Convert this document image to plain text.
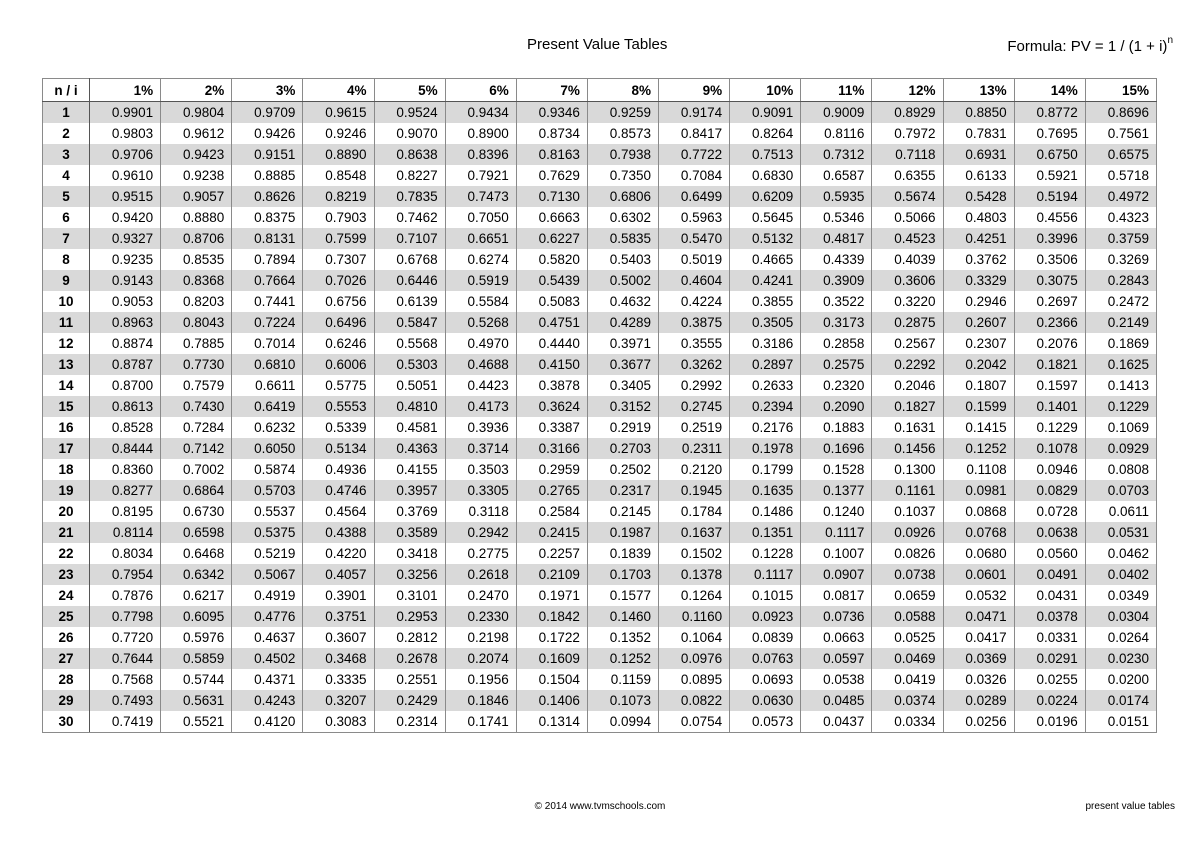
Present Value Tables	Formula: PV = $1 / (1 + i)^n$
n / i	1%	2%	3%	4%	5%	6%	7%	8%	9%	10%	11%	12%	13%	14%	15%
1	0.9901	0.9804	0.9709	0.9615	0.9524	0.9434	0.9346	0.9259	0.9174	0.9091	0.9009	0.8929	0.8850	0.8772	0.8696
2	0.9803	0.9612	0.9426	0.9246	0.9070	0.8900	0.8734	0.8573	0.8417	0.8264	0.8116	0.7972	0.7831	0.7695	0.7561
3	0.9706	0.9423	0.9151	0.8890	0.8638	0.8396	0.8163	0.7938	0.7722	0.7513	0.7312	0.7118	0.6931	0.6750	0.6575
4	0.9610	0.9238	0.8885	0.8548	0.8227	0.7921	0.7629	0.7350	0.7084	0.6830	0.6587	0.6355	0.6133	0.5921	0.5718
5	0.9515	0.9057	0.8626	0.8219	0.7835	0.7473	0.7130	0.6806	0.6499	0.6209	0.5935	0.5674	0.5428	0.5194	0.4972
6	0.9420	0.8880	0.8375	0.7903	0.7462	0.7050	0.6663	0.6302	0.5963	0.5645	0.5346	0.5066	0.4803	0.4556	0.4323
7	0.9327	0.8706	0.8131	0.7599	0.7107	0.6651	0.6227	0.5835	0.5470	0.5132	0.4817	0.4523	0.4251	0.3996	0.3759
8	0.9235	0.8535	0.7894	0.7307	0.6768	0.6274	0.5820	0.5403	0.5019	0.4665	0.4339	0.4039	0.3762	0.3506	0.3269
9	0.9143	0.8368	0.7664	0.7026	0.6446	0.5919	0.5439	0.5002	0.4604	0.4241	0.3909	0.3606	0.3329	0.3075	0.2843
10	0.9053	0.8203	0.7441	0.6756	0.6139	0.5584	0.5083	0.4632	0.4224	0.3855	0.3522	0.3220	0.2946	0.2697	0.2472
11	0.8963	0.8043	0.7224	0.6496	0.5847	0.5268	0.4751	0.4289	0.3875	0.3505	0.3173	0.2875	0.2607	0.2366	0.2149
12	0.8874	0.7885	0.7014	0.6246	0.5568	0.4970	0.4440	0.3971	0.3555	0.3186	0.2858	0.2567	0.2307	0.2076	0.1869
13	0.8787	0.7730	0.6810	0.6006	0.5303	0.4688	0.4150	0.3677	0.3262	0.2897	0.2575	0.2292	0.2042	0.1821	0.1625
14	0.8700	0.7579	0.6611	0.5775	0.5051	0.4423	0.3878	0.3405	0.2992	0.2633	0.2320	0.2046	0.1807	0.1597	0.1413
15	0.8613	0.7430	0.6419	0.5553	0.4810	0.4173	0.3624	0.3152	0.2745	0.2394	0.2090	0.1827	0.1599	0.1401	0.1229
16	0.8528	0.7284	0.6232	0.5339	0.4581	0.3936	0.3387	0.2919	0.2519	0.2176	0.1883	0.1631	0.1415	0.1229	0.1069
17	0.8444	0.7142	0.6050	0.5134	0.4363	0.3714	0.3166	0.2703	0.2311	0.1978	0.1696	0.1456	0.1252	0.1078	0.0929
18	0.8360	0.7002	0.5874	0.4936	0.4155	0.3503	0.2959	0.2502	0.2120	0.1799	0.1528	0.1300	0.1108	0.0946	0.0808
19	0.8277	0.6864	0.5703	0.4746	0.3957	0.3305	0.2765	0.2317	0.1945	0.1635	0.1377	0.1161	0.0981	0.0829	0.0703
20	0.8195	0.6730	0.5537	0.4564	0.3769	0.3118	0.2584	0.2145	0.1784	0.1486	0.1240	0.1037	0.0868	0.0728	0.0611
21	0.8114	0.6598	0.5375	0.4388	0.3589	0.2942	0.2415	0.1987	0.1637	0.1351	0.1117	0.0926	0.0768	0.0638	0.0531
22	0.8034	0.6468	0.5219	0.4220	0.3418	0.2775	0.2257	0.1839	0.1502	0.1228	0.1007	0.0826	0.0680	0.0560	0.0462
23	0.7954	0.6342	0.5067	0.4057	0.3256	0.2618	0.2109	0.1703	0.1378	0.1117	0.0907	0.0738	0.0601	0.0491	0.0402
24	0.7876	0.6217	0.4919	0.3901	0.3101	0.2470	0.1971	0.1577	0.1264	0.1015	0.0817	0.0659	0.0532	0.0431	0.0349
25	0.7798	0.6095	0.4776	0.3751	0.2953	0.2330	0.1842	0.1460	0.1160	0.0923	0.0736	0.0588	0.0471	0.0378	0.0304
26	0.7720	0.5976	0.4637	0.3607	0.2812	0.2198	0.1722	0.1352	0.1064	0.0839	0.0663	0.0525	0.0417	0.0331	0.0264
27	0.7644	0.5859	0.4502	0.3468	0.2678	0.2074	0.1609	0.1252	0.0976	0.0763	0.0597	0.0469	0.0369	0.0291	0.0230
28	0.7568	0.5744	0.4371	0.3335	0.2551	0.1956	0.1504	0.1159	0.0895	0.0693	0.0538	0.0419	0.0326	0.0255	0.0200
29	0.7493	0.5631	0.4243	0.3207	0.2429	0.1846	0.1406	0.1073	0.0822	0.0630	0.0485	0.0374	0.0289	0.0224	0.0174
30	0.7419	0.5521	0.4120	0.3083	0.2314	0.1741	0.1314	0.0994	0.0754	0.0573	0.0437	0.0334	0.0256	0.0196	0.0151
© 2014 www.tvmschools.com	present value tables
